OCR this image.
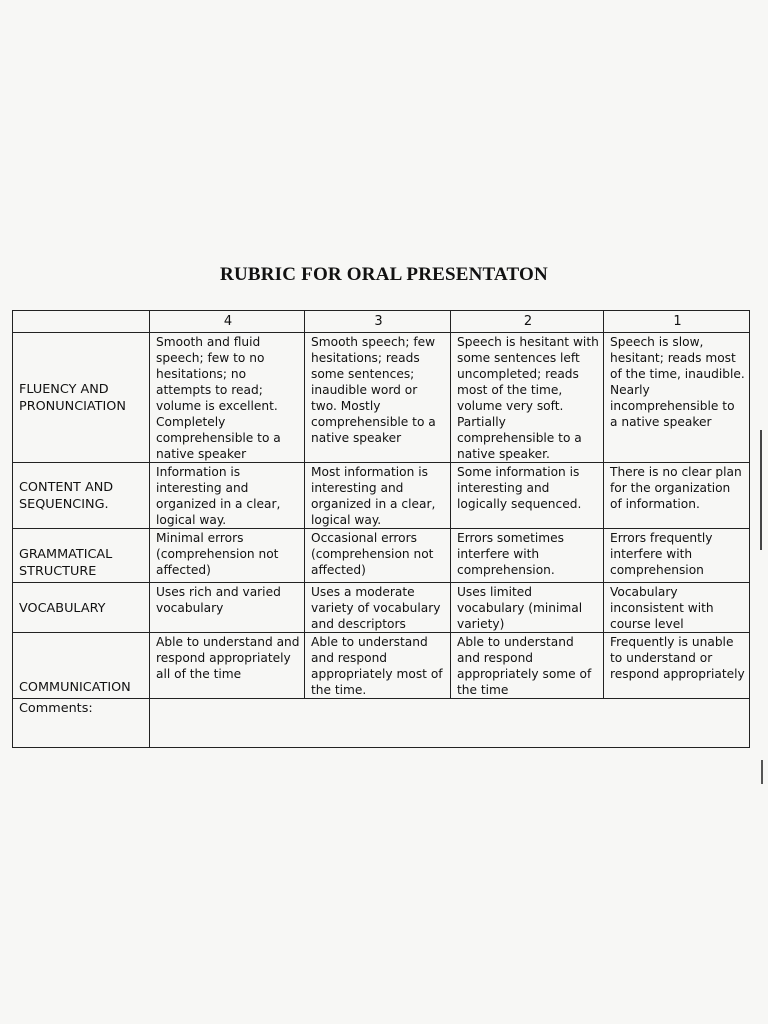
RUBRIC FOR ORAL PRESENTATON
	4	3	2	1
FLUENCY AND PRONUNCIATION	Smooth and fluid speech; few to no hesitations; no attempts to read; volume is excellent. Completely comprehensible to a native speaker	Smooth speech; few hesitations; reads some sentences; inaudible word or two. Mostly comprehensible to a native speaker	Speech is hesitant with some sentences left uncompleted; reads most of the time, volume very soft. Partially comprehensible to a native speaker.	Speech is slow, hesitant; reads most of the time, inaudible. Nearly incomprehensible to a native speaker
CONTENT AND SEQUENCING.	Information is interesting and organized in a clear, logical way.	Most information is interesting and organized in a clear, logical way.	Some information is interesting and logically sequenced.	There is no clear plan for the organization of information.
GRAMMATICAL STRUCTURE	Minimal errors (comprehension not affected)	Occasional errors (comprehension not affected)	Errors sometimes interfere with comprehension.	Errors frequently interfere with comprehension
VOCABULARY	Uses rich and varied vocabulary	Uses a moderate variety of vocabulary and descriptors	Uses limited vocabulary (minimal variety)	Vocabulary inconsistent with course level
COMMUNICATION	Able to understand and respond appropriately all of the time	Able to understand and respond appropriately most of the time.	Able to understand and respond appropriately some of the time	Frequently is unable to understand or respond appropriately
Comments:				
